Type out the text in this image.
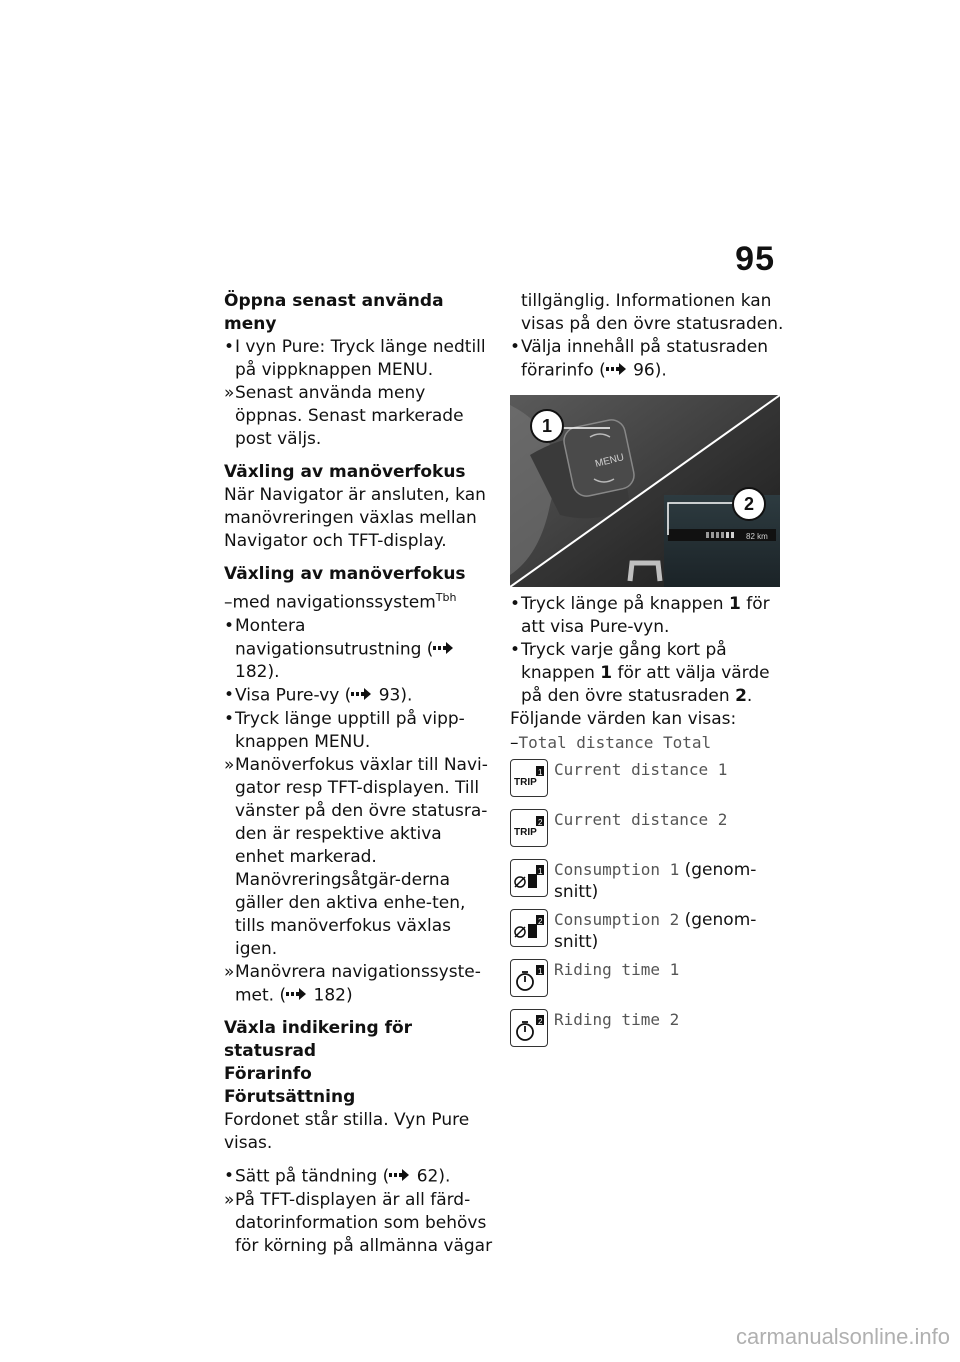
95
Öppna senast använda meny
• I vyn Pure: Tryck länge nedtill på vippknappen MENU.
» Senast använda meny öppnas. Senast markerade post väljs.
Växling av manöverfokus

När Navigator är ansluten, kan manövreringen växlas mellan Navigator och TFT-display.

Växling av manöverfokus

–med navigationssystem$^{Tbh}$

• Montera navigationsutrustning ( 182).
• Visa Pure-vy ( 93).
• Tryck länge upptill på vipp-knappen MENU.
» Manöverfokus växlar till Navi-gator resp TFT-displayen. Till vänster på den övre statusra-den är respektive aktiva enhet markerad. Manövreringsåtgär-derna gäller den aktiva enhe-ten, tills manöverfokus växlas igen.
» Manövrera navigationssyste-met. ( 182)
Växla indikering för statusrad
Förarinfo
Förutsättning

Fordonet står stilla. Vyn Pure visas.

• Sätt på tändning ( 62).
» På TFT-displayen är all färd-datorinformation som behövs för körning på allmänna vägar
tillgänglig. Informationen kan visas på den övre statusraden.
• Välja innehåll på statusraden förarinfo ( 96).
MENU
82 km
1
2
• Tryck länge på knappen 1 för att visa Pure-vyn.
• Tryck varje gång kort på knappen 1 för att välja värde på den övre statusraden 2.

Följande värden kan visas:

–Total distance Total

TRIP
1 Current distance 1
TRIP
2 Current distance 2
1 Consumption 1 (genom-snitt)
2 Consumption 2 (genom-snitt)
1 Riding time 1
2 Riding time 2
carmanualsonline.info
